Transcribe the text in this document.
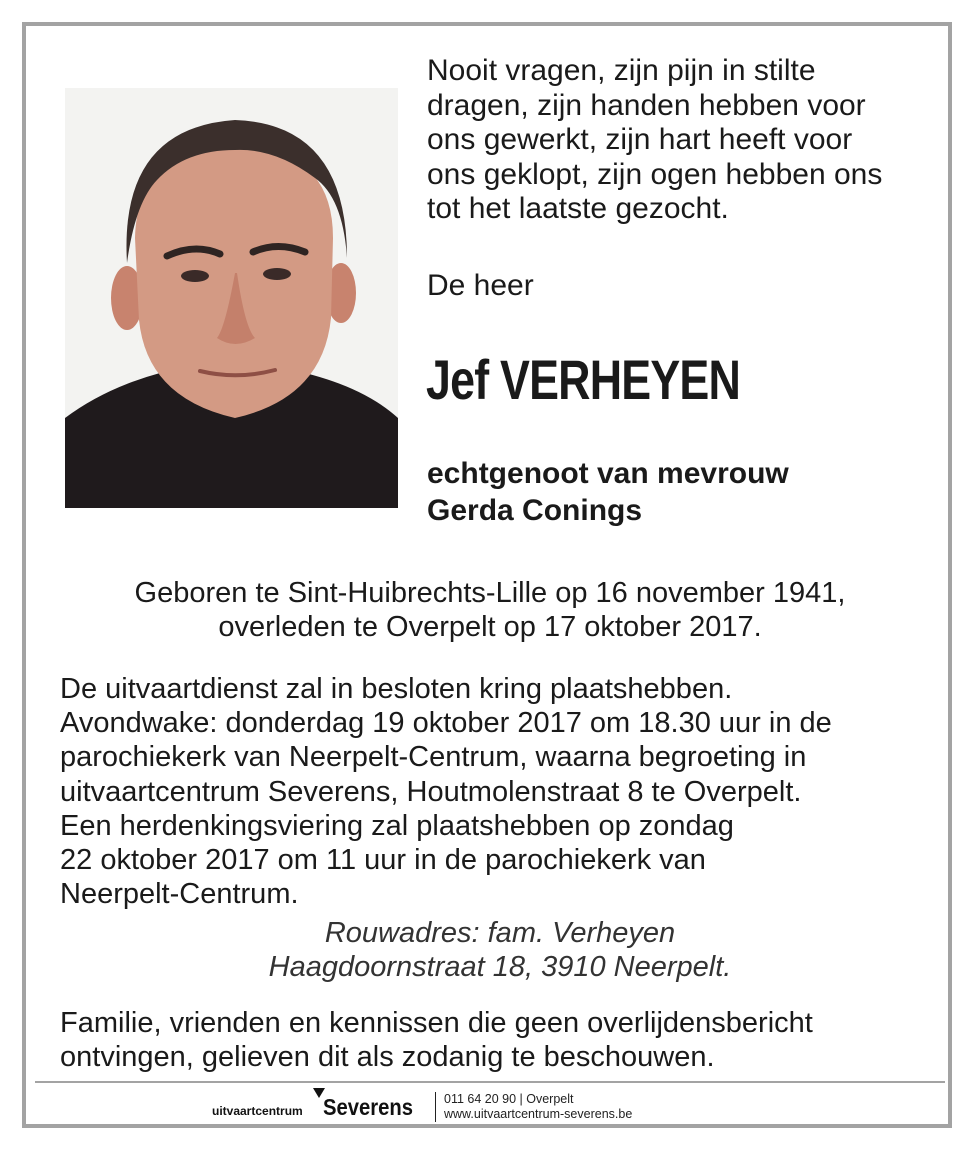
Nooit vragen, zijn pijn in stilte
dragen, zijn handen hebben voor
ons gewerkt, zijn hart heeft voor
ons geklopt, zijn ogen hebben ons
tot het laatste gezocht.

De heer

Jef VERHEYEN

echtgenoot van mevrouw
Gerda Conings

Geboren te Sint-Huibrechts-Lille op 16 november 1941,
overleden te Overpelt op 17 oktober 2017.

De uitvaartdienst zal in besloten kring plaatshebben.
Avondwake: donderdag 19 oktober 2017 om 18.30 uur in de
parochiekerk van Neerpelt-Centrum, waarna begroeting in
uitvaartcentrum Severens, Houtmolenstraat 8 te Overpelt.
Een herdenkingsviering zal plaatshebben op zondag
22 oktober 2017 om 11 uur in de parochiekerk van
Neerpelt-Centrum.

Rouwadres: fam. Verheyen
Haagdoornstraat 18, 3910 Neerpelt.

Familie, vrienden en kennissen die geen overlijdensbericht
ontvingen, gelieven dit als zodanig te beschouwen.

uitvaartcentrum Severens 011 64 20 90 | Overpelt
www.uitvaartcentrum-severens.be
